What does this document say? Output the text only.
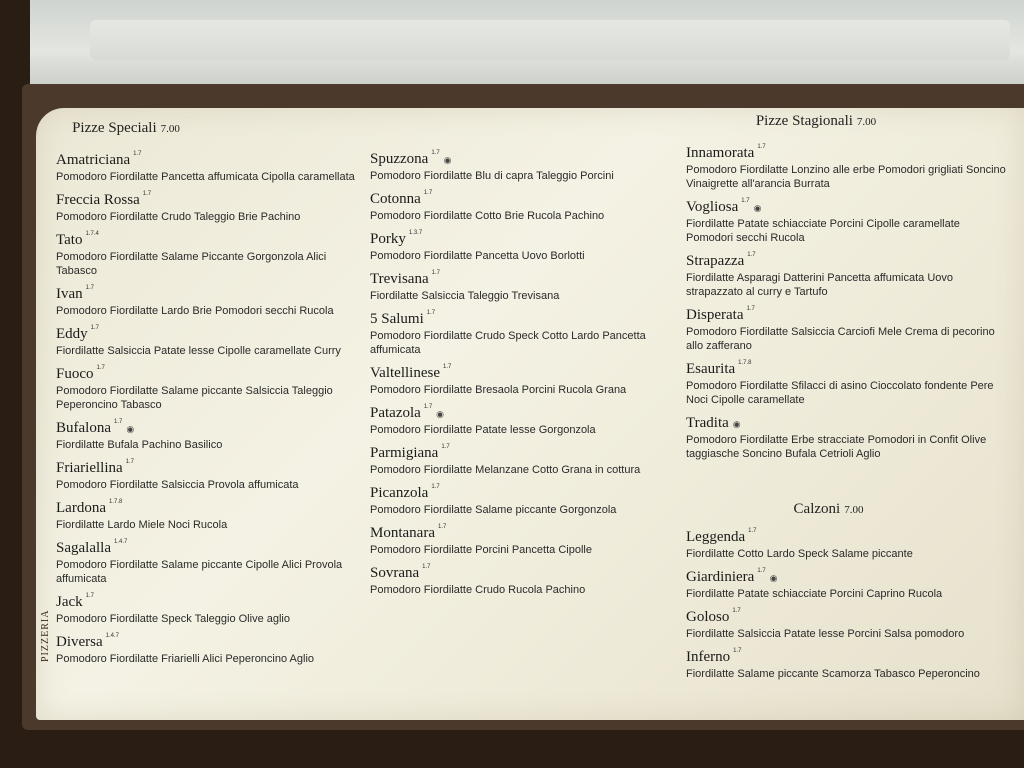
PIZZERIA
Pizze Speciali 7.00
Amatriciana $^{1.7}$
Pomodoro Fiordilatte Pancetta affumicata Cipolla caramellata
Freccia Rossa $^{1.7}$
Pomodoro Fiordilatte Crudo Taleggio Brie Pachino
Tato $^{1.7.4}$
Pomodoro Fiordilatte Salame Piccante Gorgonzola Alici Tabasco
Ivan $^{1.7}$
Pomodoro Fiordilatte Lardo Brie Pomodori secchi Rucola
Eddy $^{1.7}$
Fiordilatte Salsiccia Patate lesse Cipolle caramellate Curry
Fuoco $^{1.7}$
Pomodoro Fiordilatte Salame piccante Salsiccia Taleggio Peperoncino Tabasco
Bufalona $^{1.7}$◉
Fiordilatte Bufala Pachino Basilico
Friariellina $^{1.7}$
Pomodoro Fiordilatte Salsiccia Provola affumicata
Lardona $^{1.7.8}$
Fiordilatte Lardo Miele Noci Rucola
Sagalalla $^{1.4.7}$
Pomodoro Fiordilatte Salame piccante Cipolle Alici Provola affumicata
Jack $^{1.7}$
Pomodoro Fiordilatte Speck Taleggio Olive aglio
Diversa $^{1.4.7}$
Pomodoro Fiordilatte Friarielli Alici Peperoncino Aglio
Spuzzona $^{1.7}$◉
Pomodoro Fiordilatte Blu di capra Taleggio Porcini
Cotonna $^{1.7}$
Pomodoro Fiordilatte Cotto Brie Rucola Pachino
Porky $^{1.3.7}$
Pomodoro Fiordilatte Pancetta Uovo Borlotti
Trevisana $^{1.7}$
Fiordilatte Salsiccia Taleggio Trevisana
5 Salumi $^{1.7}$
Pomodoro Fiordilatte Crudo Speck Cotto Lardo Pancetta affumicata
Valtellinese $^{1.7}$
Pomodoro Fiordilatte Bresaola Porcini Rucola Grana
Patazola $^{1.7}$◉
Pomodoro Fiordilatte Patate lesse Gorgonzola
Parmigiana $^{1.7}$
Pomodoro Fiordilatte Melanzane Cotto Grana in cottura
Picanzola $^{1.7}$
Pomodoro Fiordilatte Salame piccante Gorgonzola
Montanara $^{1.7}$
Pomodoro Fiordilatte Porcini Pancetta Cipolle
Sovrana $^{1.7}$
Pomodoro Fiordilatte Crudo Rucola Pachino
Pizze Stagionali 7.00
Innamorata $^{1.7}$
Pomodoro Fiordilatte Lonzino alle erbe Pomodori grigliati Soncino Vinaigrette all'arancia Burrata
Vogliosa $^{1.7}$◉
Fiordilatte Patate schiacciate Porcini Cipolle caramellate Pomodori secchi Rucola
Strapazza $^{1.7}$
Fiordilatte Asparagi Datterini Pancetta affumicata Uovo strapazzato al curry e Tartufo
Disperata $^{1.7}$
Pomodoro Fiordilatte Salsiccia Carciofi Mele Crema di pecorino allo zafferano
Esaurita $^{1.7.8}$
Pomodoro Fiordilatte Sfilacci di asino Cioccolato fondente Pere Noci Cipolle caramellate
Tradita ◉
Pomodoro Fiordilatte Erbe stracciate Pomodori in Confit Olive taggiasche Soncino Bufala Cetrioli Aglio
Calzoni 7.00
Leggenda $^{1.7}$
Fiordilatte Cotto Lardo Speck Salame piccante
Giardiniera $^{1.7}$◉
Fiordilatte Patate schiacciate Porcini Caprino Rucola
Goloso $^{1.7}$
Fiordilatte Salsiccia Patate lesse Porcini Salsa pomodoro
Inferno $^{1.7}$
Fiordilatte Salame piccante Scamorza Tabasco Peperoncino
